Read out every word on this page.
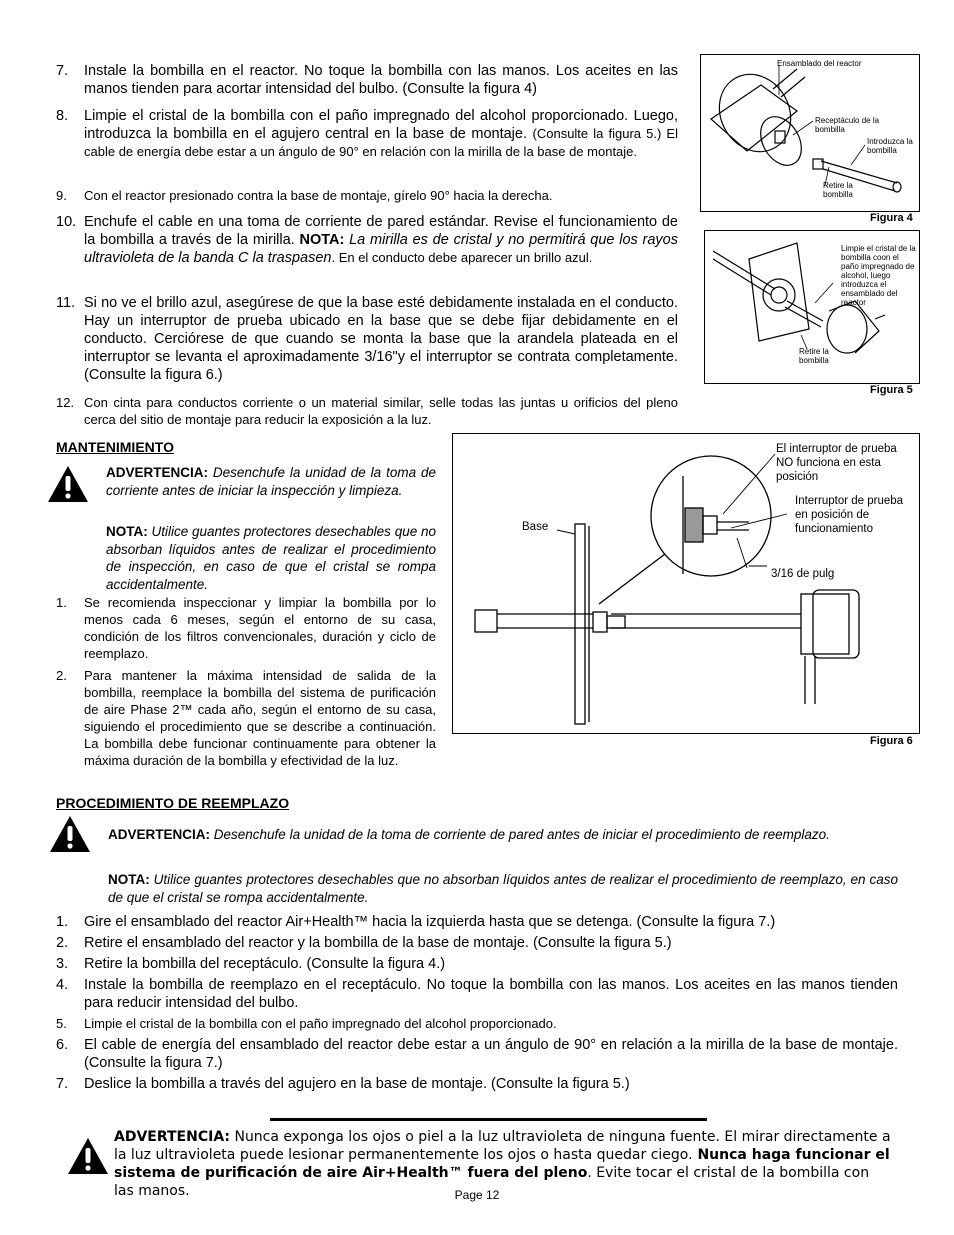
7. Instale la bombilla en el reactor. No toque la bombilla con las manos. Los aceites en las manos tienden para acortar intensidad del bulbo. (Consulte la figura 4)
8. Limpie el cristal de la bombilla con el paño impregnado del alcohol proporcionado. Luego, introduzca la bombilla en el agujero central en la base de montaje. (Consulte la figura 5.) El cable de energía debe estar a un ángulo de 90° en relación con la mirilla de la base de montaje.
9. Con el reactor presionado contra la base de montaje, gírelo 90° hacia la derecha.
10. Enchufe el cable en una toma de corriente de pared estándar. Revise el funcionamiento de la bombilla a través de la mirilla. NOTA: La mirilla es de cristal y no permitirá que los rayos ultravioleta de la banda C la traspasen. En el conducto debe aparecer un brillo azul.
11. Si no ve el brillo azul, asegúrese de que la base esté debidamente instalada en el conducto. Hay un interruptor de prueba ubicado en la base que se debe fijar debidamente en el conducto. Cerciórese de que cuando se monta la base que la arandela plateada en el interruptor se levanta el aproximadamente 3/16"y el interruptor se contrata completamente. (Consulte la figura 6.)
12. Con cinta para conductos corriente o un material similar, selle todas las juntas u orificios del pleno cerca del sitio de montaje para reducir la exposición a la luz.
Ensamblado del reactor
Receptáculo de la bombilla
Introduzca la bombilla
Retire la bombilla
Figura 4
Limpie el cristal de la bombilla coon el paño impregnado de alcohol, luego introduzca el ensamblado del reactor
Retire la bombilla
Figura 5
MANTENIMIENTO
ADVERTENCIA: Desenchufe la unidad de la toma de corriente antes de iniciar la inspección y limpieza.
NOTA: Utilice guantes protectores desechables que no absorban líquidos antes de realizar el procedimiento de inspección, en caso de que el cristal se rompa accidentalmente.
1. Se recomienda inspeccionar y limpiar la bombilla por lo menos cada 6 meses, según el entorno de su casa, condición de los filtros convencionales, duración y ciclo de reemplazo.
2. Para mantener la máxima intensidad de salida de la bombilla, reemplace la bombilla del sistema de purificación de aire Phase 2™ cada año, según el entorno de su casa, siguiendo el procedimiento que se describe a continuación. La bombilla debe funcionar continuamente para obtener la máxima duración de la bombilla y efectividad de la luz.
El interruptor de prueba NO funciona en esta posición
Interruptor de prueba en posición de funcionamiento
Base
3/16 de pulg
Figura 6
PROCEDIMIENTO DE REEMPLAZO
ADVERTENCIA: Desenchufe la unidad de la toma de corriente de pared antes de iniciar el procedimiento de reemplazo.
NOTA: Utilice guantes protectores desechables que no absorban líquidos antes de realizar el procedimiento de reemplazo, en caso de que el cristal se rompa accidentalmente.
1. Gire el ensamblado del reactor Air+Health™ hacia la izquierda hasta que se detenga. (Consulte la figura 7.)
2. Retire el ensamblado del reactor y la bombilla de la base de montaje. (Consulte la figura 5.)
3. Retire la bombilla del receptáculo. (Consulte la figura 4.)
4. Instale la bombilla de reemplazo en el receptáculo. No toque la bombilla con las manos. Los aceites en las manos tienden para reducir intensidad del bulbo.
5. Limpie el cristal de la bombilla con el paño impregnado del alcohol proporcionado.
6. El cable de energía del ensamblado del reactor debe estar a un ángulo de 90° en relación a la mirilla de la base de montaje. (Consulte la figura 7.)
7. Deslice la bombilla a través del agujero en la base de montaje. (Consulte la figura 5.)
ADVERTENCIA: Nunca exponga los ojos o piel a la luz ultravioleta de ninguna fuente. El mirar directamente a la luz ultravioleta puede lesionar permanentemente los ojos o hasta quedar ciego. Nunca haga funcionar el sistema de purificación de aire Air+Health™ fuera del pleno. Evite tocar el cristal de la bombilla con las manos.	Page 12
